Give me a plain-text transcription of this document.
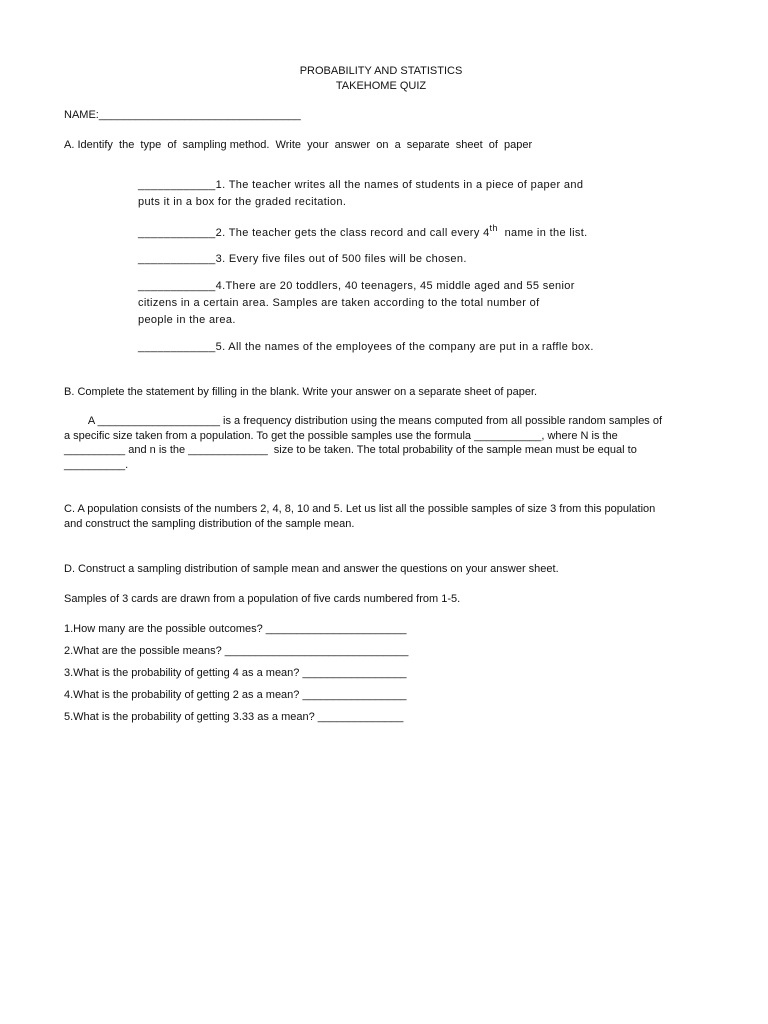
PROBABILITY AND STATISTICS
TAKEHOME QUIZ
NAME:_________________________________
A. Identify  the  type  of  sampling method.  Write  your  answer  on  a  separate  sheet  of  paper
____________1. The teacher writes all the names of students in a piece of paper and
puts it in a box for the graded recitation.
____________2. The teacher gets the class record and call every 4th  name in the list.
____________3. Every five files out of 500 files will be chosen.
____________4.There are 20 toddlers, 40 teenagers, 45 middle aged and 55 senior
citizens in a certain area. Samples are taken according to the total number of
people in the area.
____________5. All the names of the employees of the company are put in a raffle box.
B. Complete the statement by filling in the blank. Write your answer on a separate sheet of paper.
A ____________________ is a frequency distribution using the means computed from all possible random samples of
a specific size taken from a population. To get the possible samples use the formula ___________, where N is the
__________ and n is the _____________  size to be taken. The total probability of the sample mean must be equal to
__________.
C. A population consists of the numbers 2, 4, 8, 10 and 5. Let us list all the possible samples of size 3 from this population
and construct the sampling distribution of the sample mean.
D. Construct a sampling distribution of sample mean and answer the questions on your answer sheet.
Samples of 3 cards are drawn from a population of five cards numbered from 1-5.
1.How many are the possible outcomes? _______________________
2.What are the possible means? ______________________________
3.What is the probability of getting 4 as a mean? _________________
4.What is the probability of getting 2 as a mean? _________________
5.What is the probability of getting 3.33 as a mean? ______________
